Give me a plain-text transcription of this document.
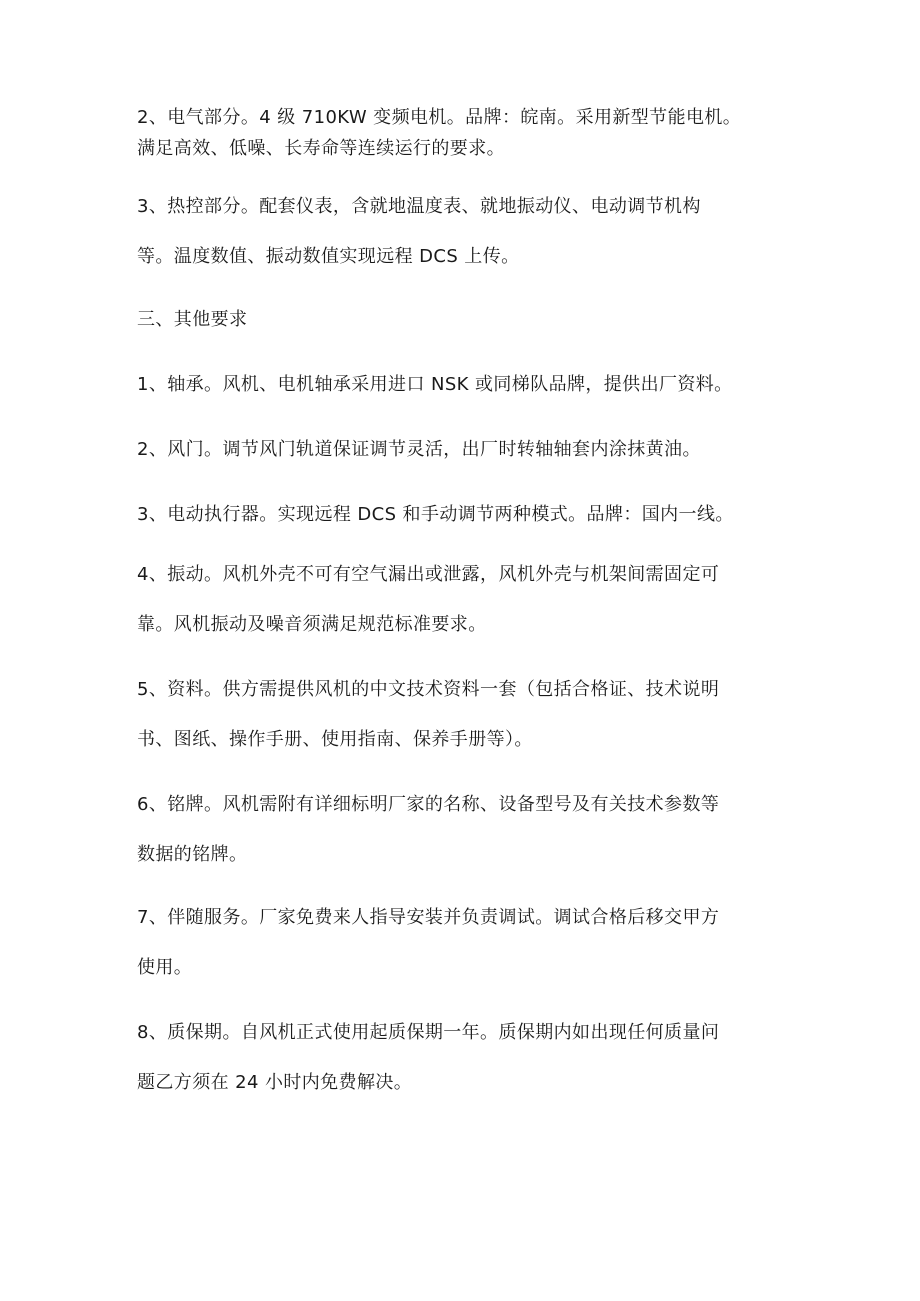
2、电气部分。4 级 710KW 变频电机。品牌：皖南。采用新型节能电机。
满足高效、低噪、长寿命等连续运行的要求。

3、热控部分。配套仪表，含就地温度表、就地振动仪、电动调节机构
等。温度数值、振动数值实现远程 DCS 上传。

三、其他要求

1、轴承。风机、电机轴承采用进口 NSK 或同梯队品牌，提供出厂资料。

2、风门。调节风门轨道保证调节灵活，出厂时转轴轴套内涂抹黄油。

3、电动执行器。实现远程 DCS 和手动调节两种模式。品牌：国内一线。

4、振动。风机外壳不可有空气漏出或泄露，风机外壳与机架间需固定可
靠。风机振动及噪音须满足规范标准要求。

5、资料。供方需提供风机的中文技术资料一套（包括合格证、技术说明
书、图纸、操作手册、使用指南、保养手册等）。

6、铭牌。风机需附有详细标明厂家的名称、设备型号及有关技术参数等
数据的铭牌。

7、伴随服务。厂家免费来人指导安装并负责调试。调试合格后移交甲方
使用。

8、质保期。自风机正式使用起质保期一年。质保期内如出现任何质量问
题乙方须在 24 小时内免费解决。
